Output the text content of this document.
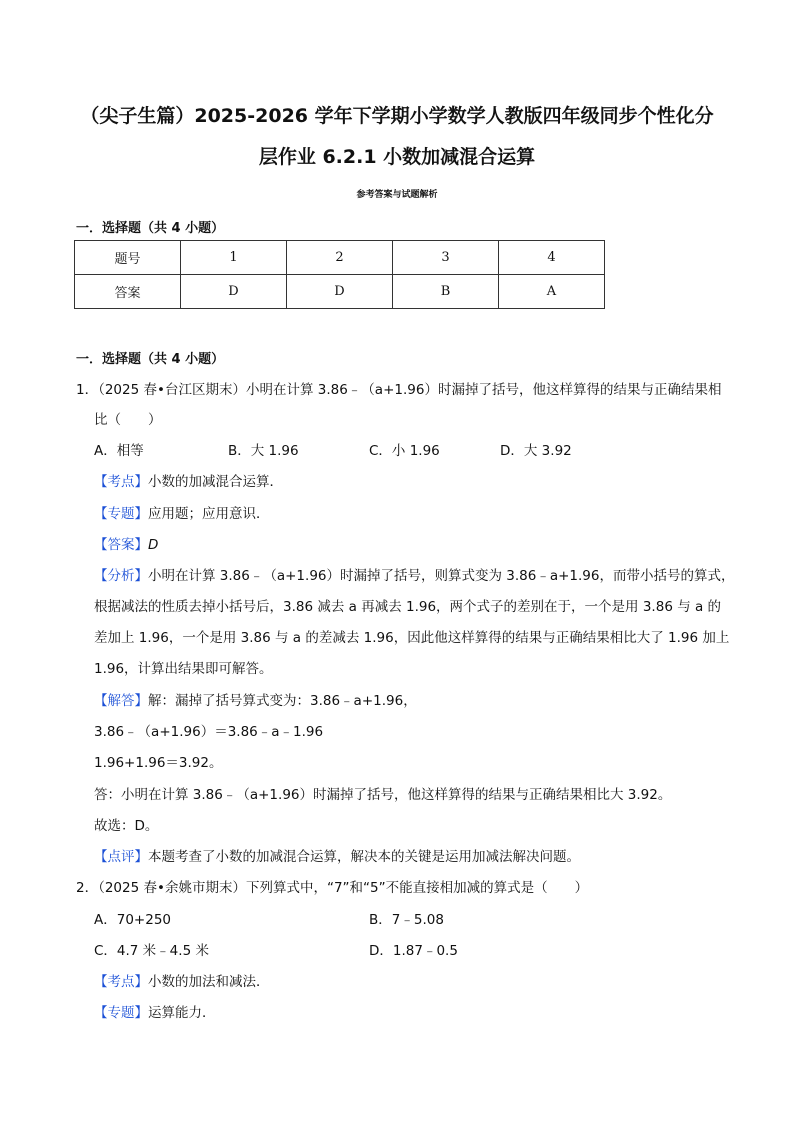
（尖子生篇）2025-2026 学年下学期小学数学人教版四年级同步个性化分
层作业 6.2.1 小数加减混合运算
参考答案与试题解析
一．选择题（共 4 小题）
题号	1	2	3	4
答案	D	D	B	A
一．选择题（共 4 小题）
1．（2025 春•台江区期末）小明在计算 3.86﹣（a+1.96）时漏掉了括号，他这样算得的结果与正确结果相
比（　　）
A．相等	B．大 1.96	C．小 1.96	D．大 3.92
【考点】小数的加减混合运算．
【专题】应用题；应用意识．
【答案】D
【分析】小明在计算 3.86﹣（a+1.96）时漏掉了括号，则算式变为 3.86﹣a+1.96，而带小括号的算式，
根据减法的性质去掉小括号后，3.86 减去 a 再减去 1.96，两个式子的差别在于，一个是用 3.86 与 a 的
差加上 1.96，一个是用 3.86 与 a 的差减去 1.96，因此他这样算得的结果与正确结果相比大了 1.96 加上
1.96，计算出结果即可解答。
【解答】解：漏掉了括号算式变为：3.86﹣a+1.96，
3.86﹣（a+1.96）＝3.86﹣a﹣1.96
1.96+1.96＝3.92。
答：小明在计算 3.86﹣（a+1.96）时漏掉了括号，他这样算得的结果与正确结果相比大 3.92。
故选：D。
【点评】本题考查了小数的加减混合运算，解决本的关键是运用加减法解决问题。
2．（2025 春•余姚市期末）下列算式中，“7”和“5”不能直接相加减的算式是（　　）
A．70+250	B．7﹣5.08
C．4.7 米﹣4.5 米	D．1.87﹣0.5
【考点】小数的加法和减法．
【专题】运算能力．
